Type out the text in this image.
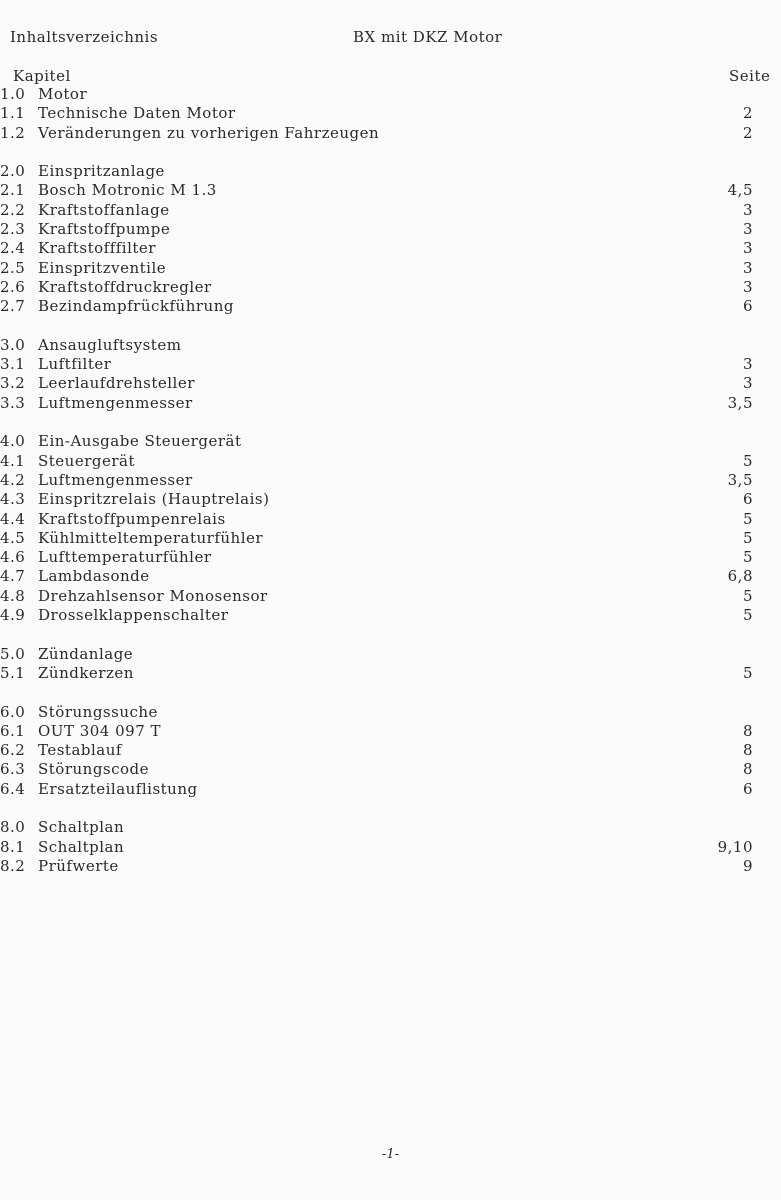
Inhaltsverzeichnis	BX mit DKZ Motor
Kapitel	Seite
1.0 Motor
1.1 Technische Daten Motor	2
1.2 Veränderungen zu vorherigen Fahrzeugen	2
2.0 Einspritzanlage
2.1 Bosch Motronic M 1.3	4,5
2.2 Kraftstoffanlage	3
2.3 Kraftstoffpumpe	3
2.4 Kraftstofffilter	3
2.5 Einspritzventile	3
2.6 Kraftstoffdruckregler	3
2.7 Bezindampfrückführung	6
3.0 Ansaugluftsystem
3.1 Luftfilter	3
3.2 Leerlaufdrehsteller	3
3.3 Luftmengenmesser	3,5
4.0 Ein-Ausgabe Steuergerät
4.1 Steuergerät	5
4.2 Luftmengenmesser	3,5
4.3 Einspritzrelais (Hauptrelais)	6
4.4 Kraftstoffpumpenrelais	5
4.5 Kühlmitteltemperaturfühler	5
4.6 Lufttemperaturfühler	5
4.7 Lambdasonde	6,8
4.8 Drehzahlsensor Monosensor	5
4.9 Drosselklappenschalter	5
5.0 Zündanlage
5.1 Zündkerzen	5
6.0 Störungssuche
6.1 OUT 304 097 T	8
6.2 Testablauf	8
6.3 Störungscode	8
6.4 Ersatzteilauflistung	6
8.0 Schaltplan
8.1 Schaltplan	9,10
8.2 Prüfwerte	9
-1-
